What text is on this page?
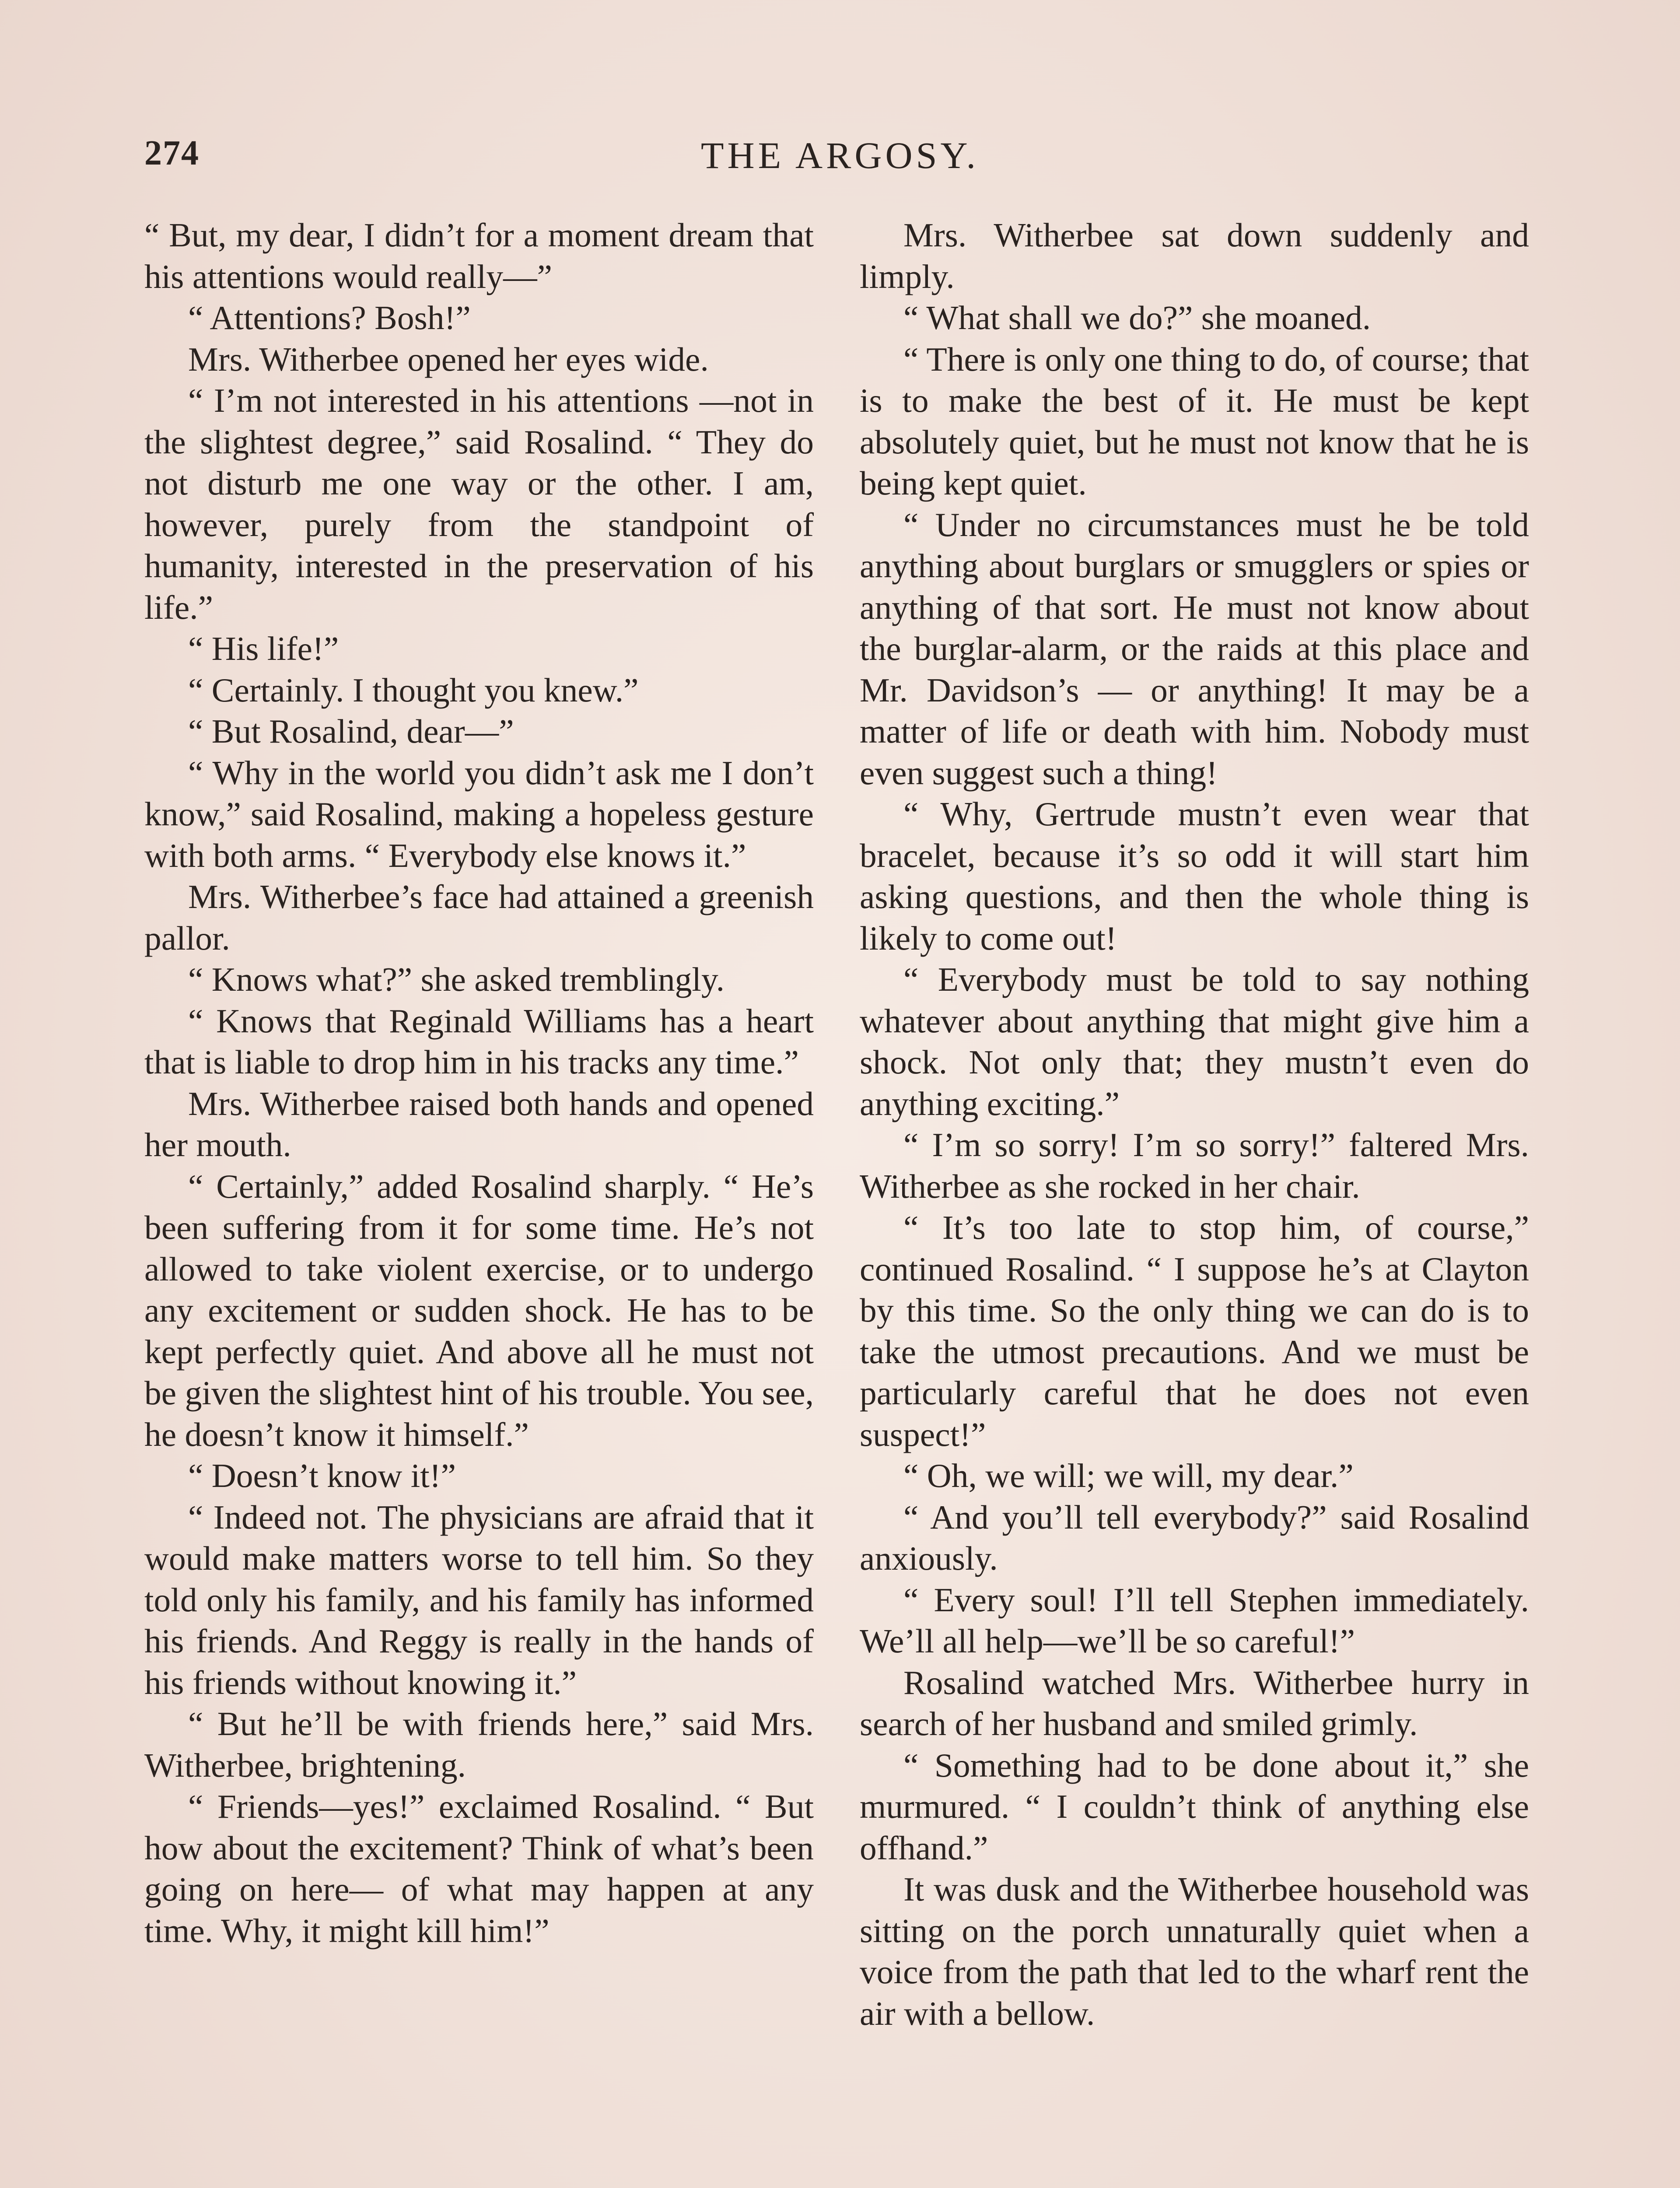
274	THE ARGOSY.

“ But, my dear, I didn’t for a moment dream that his attentions would really—”

“ Attentions? Bosh!”

Mrs. Witherbee opened her eyes wide.

“ I’m not interested in his attentions —not in the slightest degree,” said Rosalind. “ They do not disturb me one way or the other. I am, however, purely from the standpoint of humanity, interested in the preservation of his life.”

“ His life!”

“ Certainly. I thought you knew.”

“ But Rosalind, dear—”

“ Why in the world you didn’t ask me I don’t know,” said Rosalind, making a hopeless gesture with both arms. “ Everybody else knows it.”

Mrs. Witherbee’s face had attained a greenish pallor.

“ Knows what?” she asked tremblingly.

“ Knows that Reginald Williams has a heart that is liable to drop him in his tracks any time.”

Mrs. Witherbee raised both hands and opened her mouth.

“ Certainly,” added Rosalind sharply. “ He’s been suffering from it for some time. He’s not allowed to take violent exercise, or to undergo any excitement or sudden shock. He has to be kept perfectly quiet. And above all he must not be given the slightest hint of his trouble. You see, he doesn’t know it himself.”

“ Doesn’t know it!”

“ Indeed not. The physicians are afraid that it would make matters worse to tell him. So they told only his family, and his family has informed his friends. And Reggy is really in the hands of his friends without knowing it.”

“ But he’ll be with friends here,” said Mrs. Witherbee, brightening.

“ Friends—yes!” exclaimed Rosalind. “ But how about the excitement? Think of what’s been going on here— of what may happen at any time. Why, it might kill him!”

Mrs. Witherbee sat down suddenly and limply.

“ What shall we do?” she moaned.

“ There is only one thing to do, of course; that is to make the best of it. He must be kept absolutely quiet, but he must not know that he is being kept quiet.

“ Under no circumstances must he be told anything about burglars or smugglers or spies or anything of that sort. He must not know about the burglar-alarm, or the raids at this place and Mr. Davidson’s — or anything! It may be a matter of life or death with him. Nobody must even suggest such a thing!

“ Why, Gertrude mustn’t even wear that bracelet, because it’s so odd it will start him asking questions, and then the whole thing is likely to come out!

“ Everybody must be told to say nothing whatever about anything that might give him a shock. Not only that; they mustn’t even do anything exciting.”

“ I’m so sorry! I’m so sorry!” faltered Mrs. Witherbee as she rocked in her chair.

“ It’s too late to stop him, of course,” continued Rosalind. “ I suppose he’s at Clayton by this time. So the only thing we can do is to take the utmost precautions. And we must be particularly careful that he does not even suspect!”

“ Oh, we will; we will, my dear.”

“ And you’ll tell everybody?” said Rosalind anxiously.

“ Every soul! I’ll tell Stephen immediately. We’ll all help—we’ll be so careful!”

Rosalind watched Mrs. Witherbee hurry in search of her husband and smiled grimly.

“ Something had to be done about it,” she murmured. “ I couldn’t think of anything else offhand.”

It was dusk and the Witherbee household was sitting on the porch unnaturally quiet when a voice from the path that led to the wharf rent the air with a bellow.
